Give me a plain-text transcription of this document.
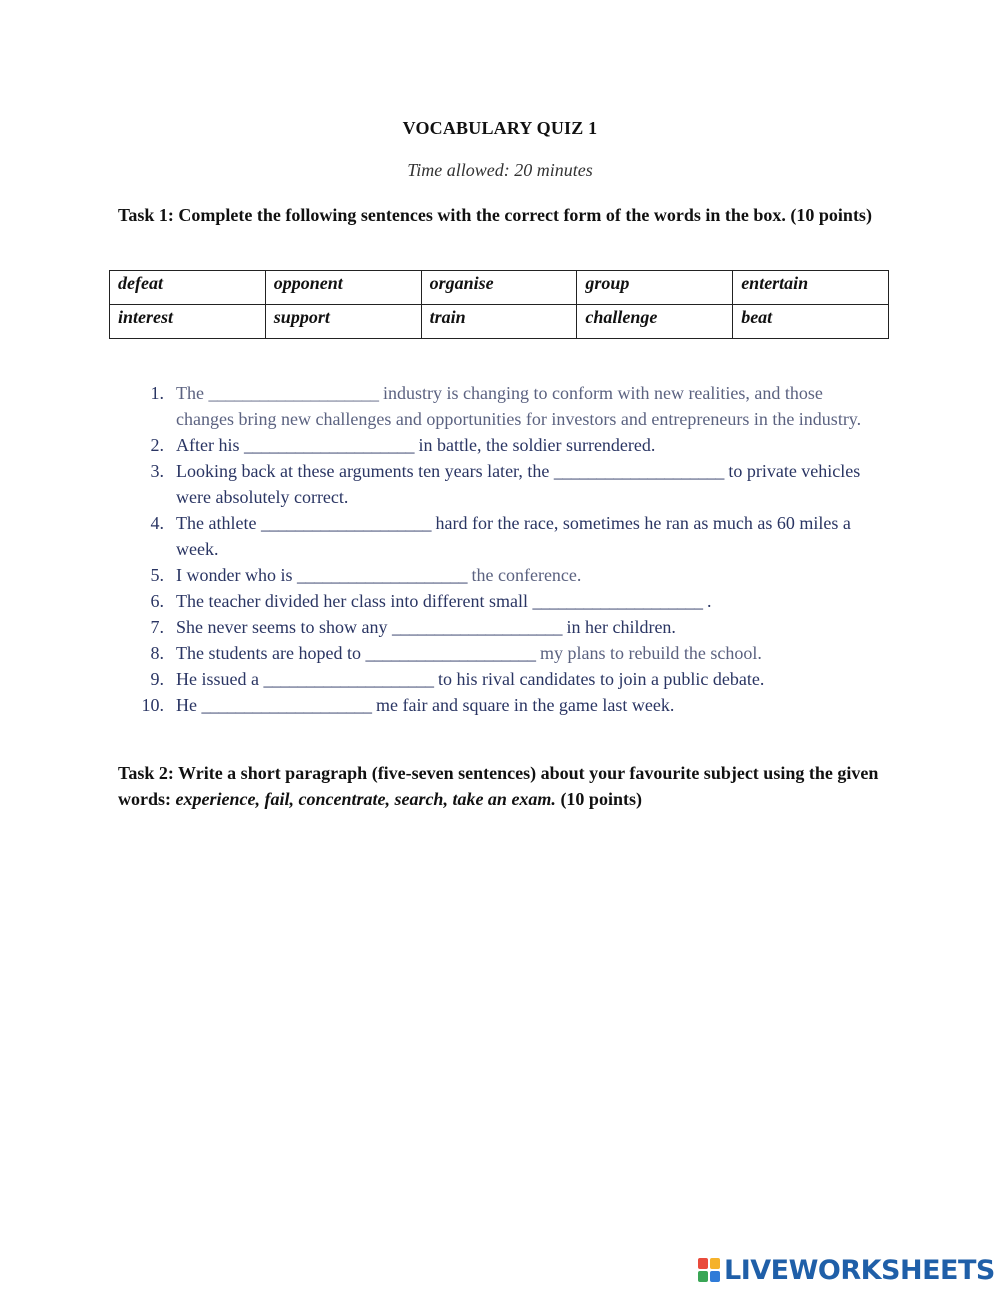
VOCABULARY QUIZ 1
Time allowed: 20 minutes
Task 1: Complete the following sentences with the correct form of the words in the box. (10 points)
defeat	opponent	organise	group	entertain
interest	support	train	challenge	beat
1. The ____________________ industry is changing to conform with new realities, and those changes bring new challenges and opportunities for investors and entrepreneurs in the industry.
2. After his ____________________ in battle, the soldier surrendered.
3. Looking back at these arguments ten years later, the ____________________ to private vehicles were absolutely correct.
4. The athlete ____________________ hard for the race, sometimes he ran as much as 60 miles a week.
5. I wonder who is ____________________ the conference.
6. The teacher divided her class into different small ____________________ .
7. She never seems to show any ____________________ in her children.
8. The students are hoped to ____________________ my plans to rebuild the school.
9. He issued a ____________________ to his rival candidates to join a public debate.
10. He ____________________ me fair and square in the game last week.
Task 2: Write a short paragraph (five-seven sentences) about your favourite subject using the given words: experience, fail, concentrate, search, take an exam. (10 points)
LIVEWORKSHEETS
